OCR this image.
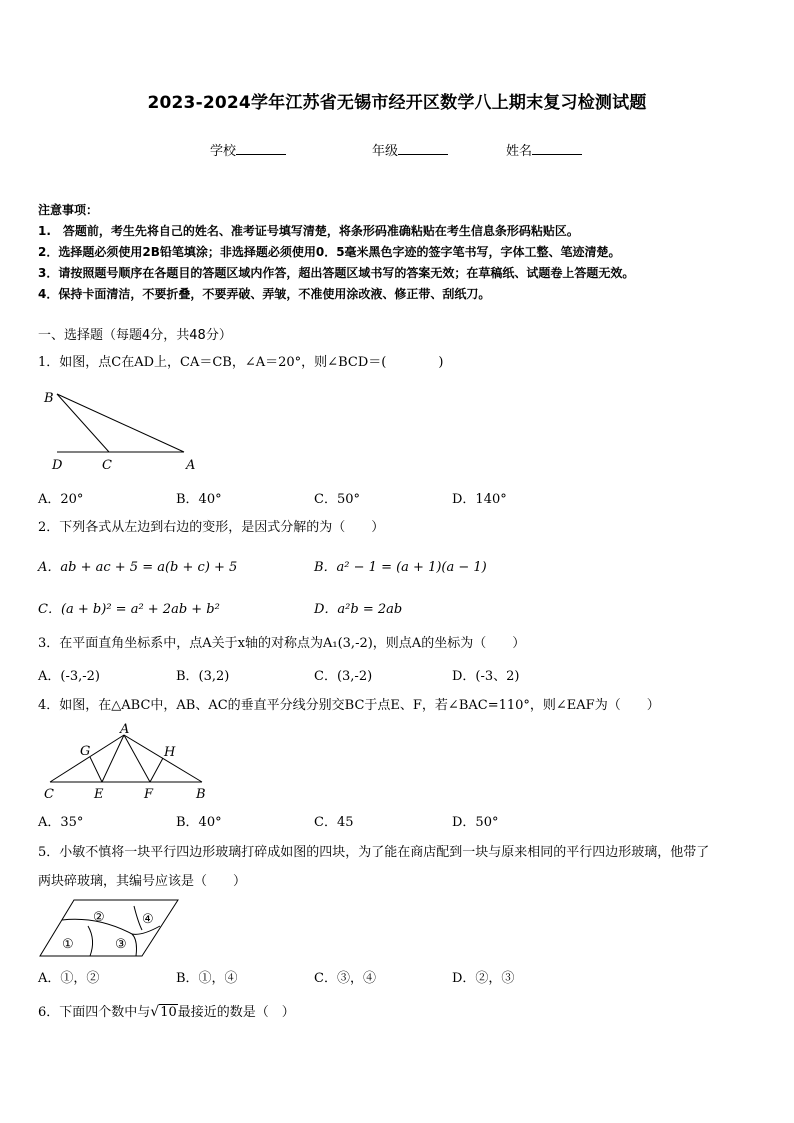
2023-2024学年江苏省无锡市经开区数学八上期末复习检测试题
学校	年级	姓名
注意事项：
1.　答题前，考生先将自己的姓名、准考证号填写清楚，将条形码准确粘贴在考生信息条形码粘贴区。
2．选择题必须使用2B铅笔填涂；非选择题必须使用0．5毫米黑色字迹的签字笔书写，字体工整、笔迹清楚。
3．请按照题号顺序在各题目的答题区域内作答，超出答题区域书写的答案无效；在草稿纸、试题卷上答题无效。
4．保持卡面清洁，不要折叠，不要弄破、弄皱，不准使用涂改液、修正带、刮纸刀。
一、选择题（每题4分，共48分）
1．如图，点C在AD上，CA＝CB，∠A＝20°，则∠BCD＝(　　　　)
B
D	C	A
A．20°	B．40°	C．50°	D．140°
2．下列各式从左边到右边的变形，是因式分解的为（　　）
A．ab + ac + 5 = a(b + c) + 5	B．a² − 1 = (a + 1)(a − 1)
C．(a + b)² = a² + 2ab + b²	D．a²b = 2ab
3．在平面直角坐标系中，点A关于x轴的对称点为A₁(3,-2)，则点A的坐标为（　　）
A．(-3,-2)	B．(3,2)	C．(3,-2)	D．(-3、2)
4．如图，在△ABC中，AB、AC的垂直平分线分别交BC于点E、F，若∠BAC=110°，则∠EAF为（　　）
A
G	H
C	E	F	B
A．35°	B．40°	C．45	D．50°
5．小敏不慎将一块平行四边形玻璃打碎成如图的四块，为了能在商店配到一块与原来相同的平行四边形玻璃，他带了
两块碎玻璃，其编号应该是（　　）
②	④
①	③
A．①，②	B．①，④	C．③，④	D．②，③
6．下面四个数中与√10最接近的数是（　）
